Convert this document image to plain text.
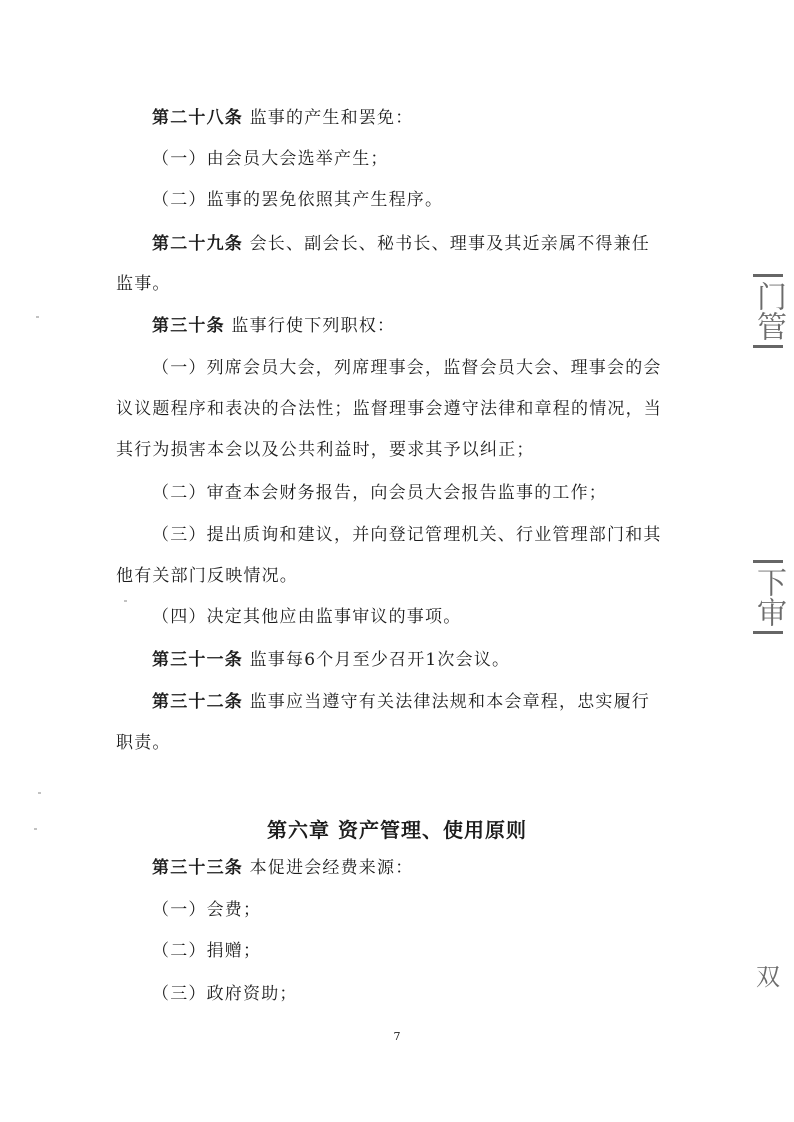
第二十八条 监事的产生和罢免：
（一）由会员大会选举产生；
（二）监事的罢免依照其产生程序。
第二十九条 会长、副会长、秘书长、理事及其近亲属不得兼任
监事。
第三十条 监事行使下列职权：
（一）列席会员大会，列席理事会，监督会员大会、理事会的会
议议题程序和表决的合法性；监督理事会遵守法律和章程的情况，当
其行为损害本会以及公共利益时，要求其予以纠正；
（二）审查本会财务报告，向会员大会报告监事的工作；
（三）提出质询和建议，并向登记管理机关、行业管理部门和其
他有关部门反映情况。
（四）决定其他应由监事审议的事项。
第三十一条 监事每6个月至少召开1次会议。
第三十二条 监事应当遵守有关法律法规和本会章程，忠实履行
职责。
第六章 资产管理、使用原则
第三十三条 本促进会经费来源：
（一）会费；
（二）捐赠；
（三）政府资助；
7
门管
下审
双
